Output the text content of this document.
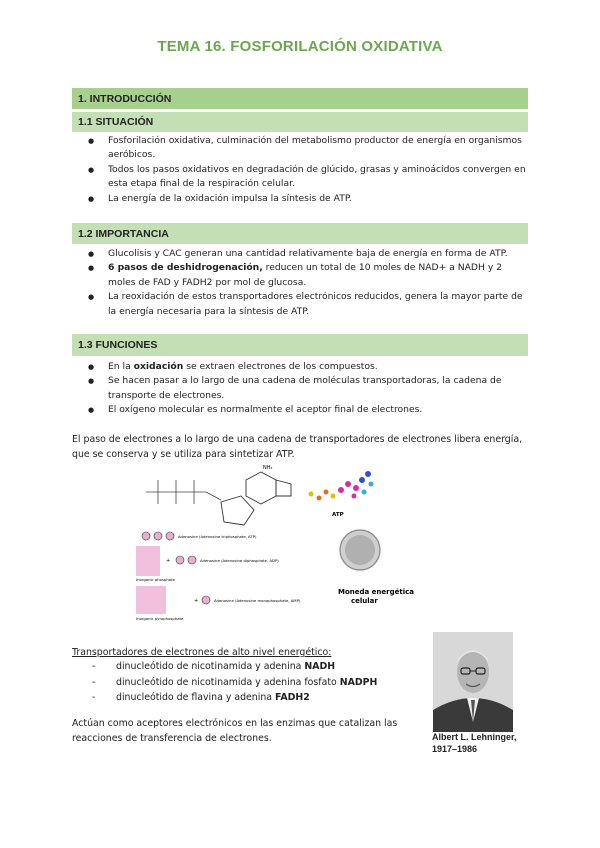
TEMA 16. FOSFORILACIÓN OXIDATIVA
1. INTRODUCCIÓN
1.1 SITUACIÓN
● Fosforilación oxidativa, culminación del metabolismo productor de energía en organismos aeróbicos.
● Todos los pasos oxidativos en degradación de glúcido, grasas y aminoácidos convergen en esta etapa final de la respiración celular.
● La energía de la oxidación impulsa la síntesis de ATP.
1.2 IMPORTANCIA
● Glucolisis y CAC generan una cantidad relativamente baja de energía en forma de ATP.
● 6 pasos de deshidrogenación, reducen un total de 10 moles de NAD+ a NADH y 2 moles de FAD y FADH2 por mol de glucosa.
● La reoxidación de estos transportadores electrónicos reducidos, genera la mayor parte de la energía necesaria para la síntesis de ATP.
1.3 FUNCIONES
● En la oxidación se extraen electrones de los compuestos.
● Se hacen pasar a lo largo de una cadena de moléculas transportadoras, la cadena de transporte de electrones.
● El oxígeno molecular es normalmente el aceptor final de electrones.

El paso de electrones a lo largo de una cadena de transportadores de electrones libera energía, que se conserva y se utiliza para sintetizar ATP.

NH₂
ATP
Adenosine (Adenosine triphosphate, ATP)
Inorganic phosphate
+	Adenosine (Adenosine diphosphate, ADP)
Moneda energética
celular
Inorganic pyrophosphate
+	Adenosine (Adenosine monophosphate, AMP)

Transportadores de electrones de alto nivel energético:

- dinucleótido de nicotinamida y adenina NADH
- dinucleótido de nicotinamida y adenina fosfato NADPH
- dinucleótido de flavina y adenina FADH2

Actúan como aceptores electrónicos en las enzimas que catalizan las reacciones de transferencia de electrones.	Albert L. Lehninger,
1917–1986
